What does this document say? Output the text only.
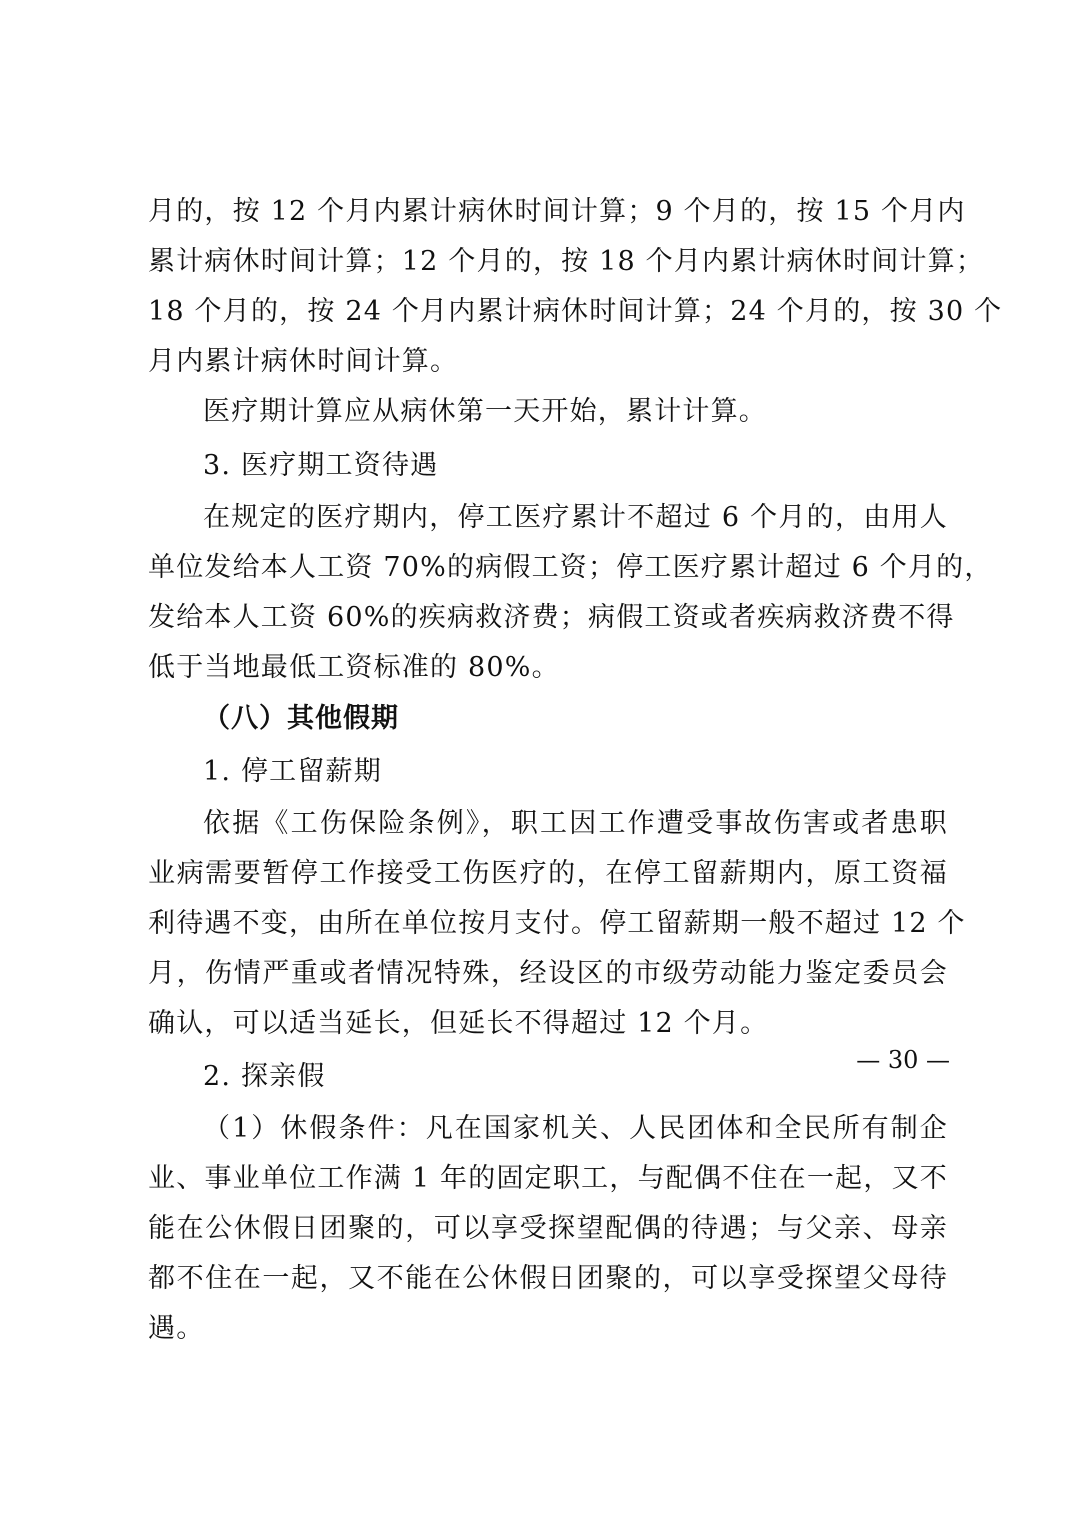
月的，按 12 个月内累计病休时间计算；9 个月的，按 15 个月内
累计病休时间计算；12 个月的，按 18 个月内累计病休时间计算；
18 个月的，按 24 个月内累计病休时间计算；24 个月的，按 30 个
月内累计病休时间计算。
医疗期计算应从病休第一天开始，累计计算。
3. 医疗期工资待遇
在规定的医疗期内，停工医疗累计不超过 6 个月的，由用人
单位发给本人工资 70%的病假工资；停工医疗累计超过 6 个月的，
发给本人工资 60%的疾病救济费；病假工资或者疾病救济费不得
低于当地最低工资标准的 80%。
（八）其他假期
1. 停工留薪期
依据《工伤保险条例》，职工因工作遭受事故伤害或者患职
业病需要暂停工作接受工伤医疗的，在停工留薪期内，原工资福
利待遇不变，由所在单位按月支付。停工留薪期一般不超过 12 个
月，伤情严重或者情况特殊，经设区的市级劳动能力鉴定委员会
确认，可以适当延长，但延长不得超过 12 个月。
2. 探亲假
（1）休假条件：凡在国家机关、人民团体和全民所有制企
业、事业单位工作满 1 年的固定职工，与配偶不住在一起，又不
能在公休假日团聚的，可以享受探望配偶的待遇；与父亲、母亲
都不住在一起，又不能在公休假日团聚的，可以享受探望父母待
遇。
— 30 —
